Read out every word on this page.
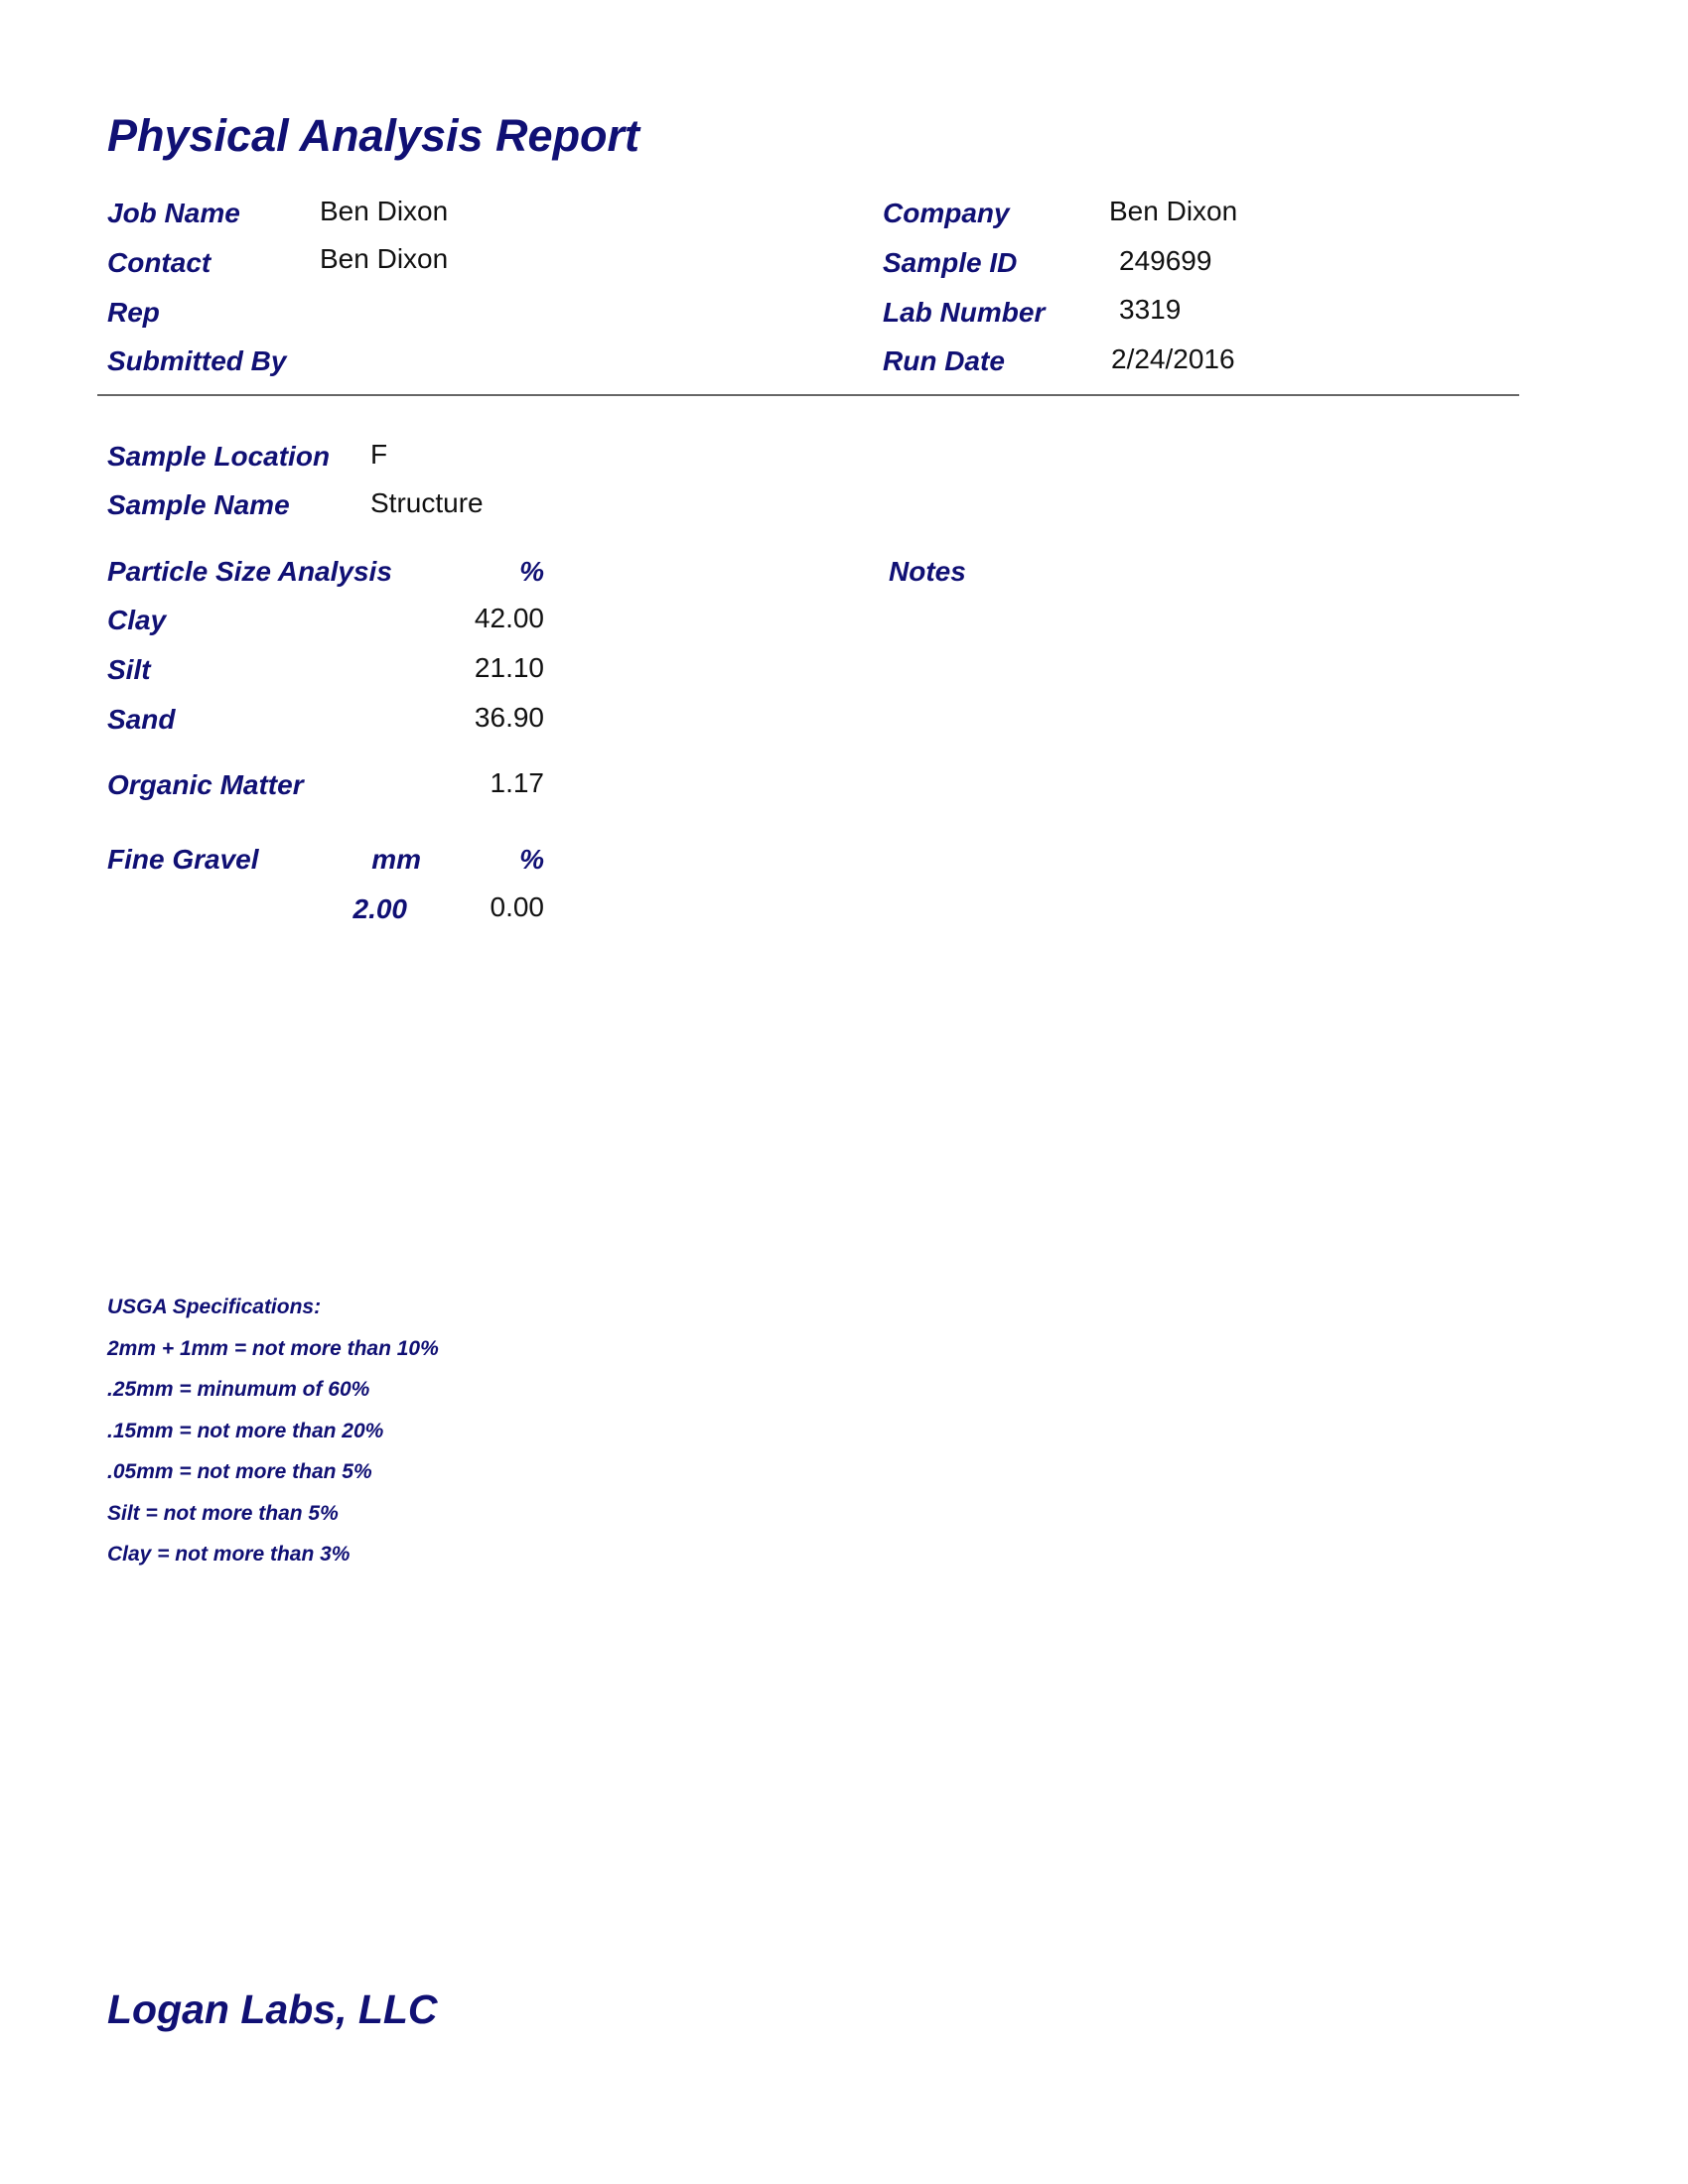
Physical Analysis Report
Job Name	Ben Dixon
Contact	Ben Dixon
Rep
Submitted By
Company	Ben Dixon
Sample ID	249699
Lab Number	3319
Run Date	2/24/2016
Sample Location F
Sample Name	Structure
Particle Size Analysis	%	Notes
Clay	42.00
Silt	21.10
Sand	36.90
Organic Matter	1.17
Fine Gravel	mm	%
2.00	0.00
USGA Specifications:
2mm + 1mm = not more than 10%
.25mm = minumum of 60%
.15mm = not more than 20%
.05mm = not more than 5%
Silt = not more than 5%
Clay = not more than 3%
Logan Labs, LLC
